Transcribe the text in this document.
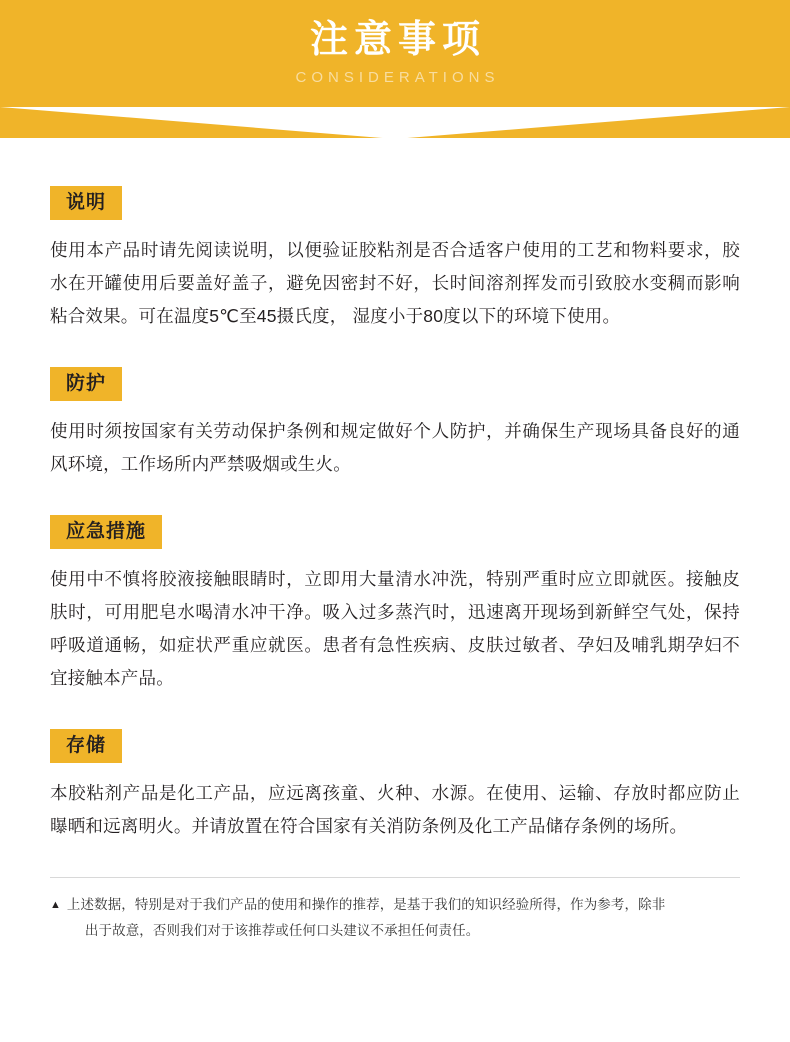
注意事项
CONSIDERATIONS
说明

使用本产品时请先阅读说明，以便验证胶粘剂是否合适客户使用的工艺和物料要求，胶水在开罐使用后要盖好盖子，避免因密封不好，长时间溶剂挥发而引致胶水变稠而影响粘合效果。可在温度5℃至45摄氏度， 湿度小于80度以下的环境下使用。

防护

使用时须按国家有关劳动保护条例和规定做好个人防护，并确保生产现场具备良好的通风环境，工作场所内严禁吸烟或生火。

应急措施

使用中不慎将胶液接触眼睛时，立即用大量清水冲洗，特别严重时应立即就医。接触皮肤时，可用肥皂水喝清水冲干净。吸入过多蒸汽时，迅速离开现场到新鲜空气处，保持呼吸道通畅，如症状严重应就医。患者有急性疾病、皮肤过敏者、孕妇及哺乳期孕妇不宜接触本产品。

存储

本胶粘剂产品是化工产品，应远离孩童、火种、水源。在使用、运输、存放时都应防止曝晒和远离明火。并请放置在符合国家有关消防条例及化工产品储存条例的场所。

▲ 上述数据，特别是对于我们产品的使用和操作的推荐，是基于我们的知识经验所得，作为参考，除非
出于故意，否则我们对于该推荐或任何口头建议不承担任何责任。
